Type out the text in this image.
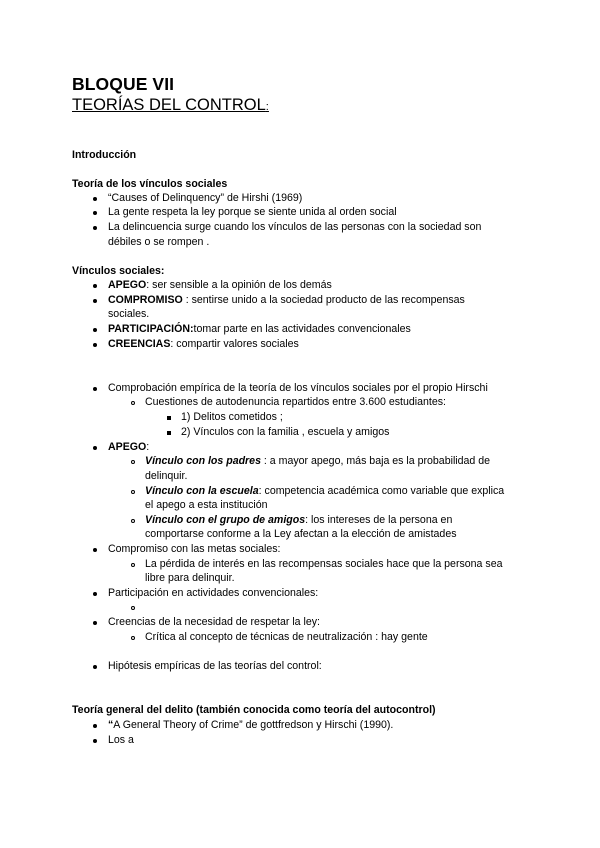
BLOQUE VII
TEORÍAS DEL CONTROL:
Introducción
Teoría de los vínculos sociales
“Causes of Delinquency” de Hirshi (1969)
La gente respeta la ley porque se siente unida al orden social
La delincuencia surge cuando los vínculos de las personas con la sociedad son
débiles o se rompen .
Vínculos sociales:
APEGO: ser sensible a la opinión de los demás
COMPROMISO : sentirse unido a la sociedad producto de las recompensas
sociales.
PARTICIPACIÓN:tomar parte en las actividades convencionales
CREENCIAS: compartir valores sociales
Comprobación empírica de la teoría de los vínculos sociales por el propio Hirschi
Cuestiones de autodenuncia repartidos entre 3.600 estudiantes:
1) Delitos cometidos ;
2) Vínculos con la familia , escuela y amigos
APEGO:
Vínculo con los padres : a mayor apego, más baja es la probabilidad de
delinquir.
Vínculo con la escuela: competencia académica como variable que explica
el apego a esta institución
Vínculo con el grupo de amigos: los intereses de la persona en
comportarse conforme a la Ley afectan a la elección de amistades
Compromiso con las metas sociales:
La pérdida de interés en las recompensas sociales hace que la persona sea
libre para delinquir.
Participación en actividades convencionales:
Creencias de la necesidad de respetar la ley:
Crítica al concepto de técnicas de neutralización : hay gente
Hipótesis empíricas de las teorías del control:
Teoría general del delito (también conocida como teoría del autocontrol)
“A General Theory of Crime” de gottfredson y Hirschi (1990).
Los a
